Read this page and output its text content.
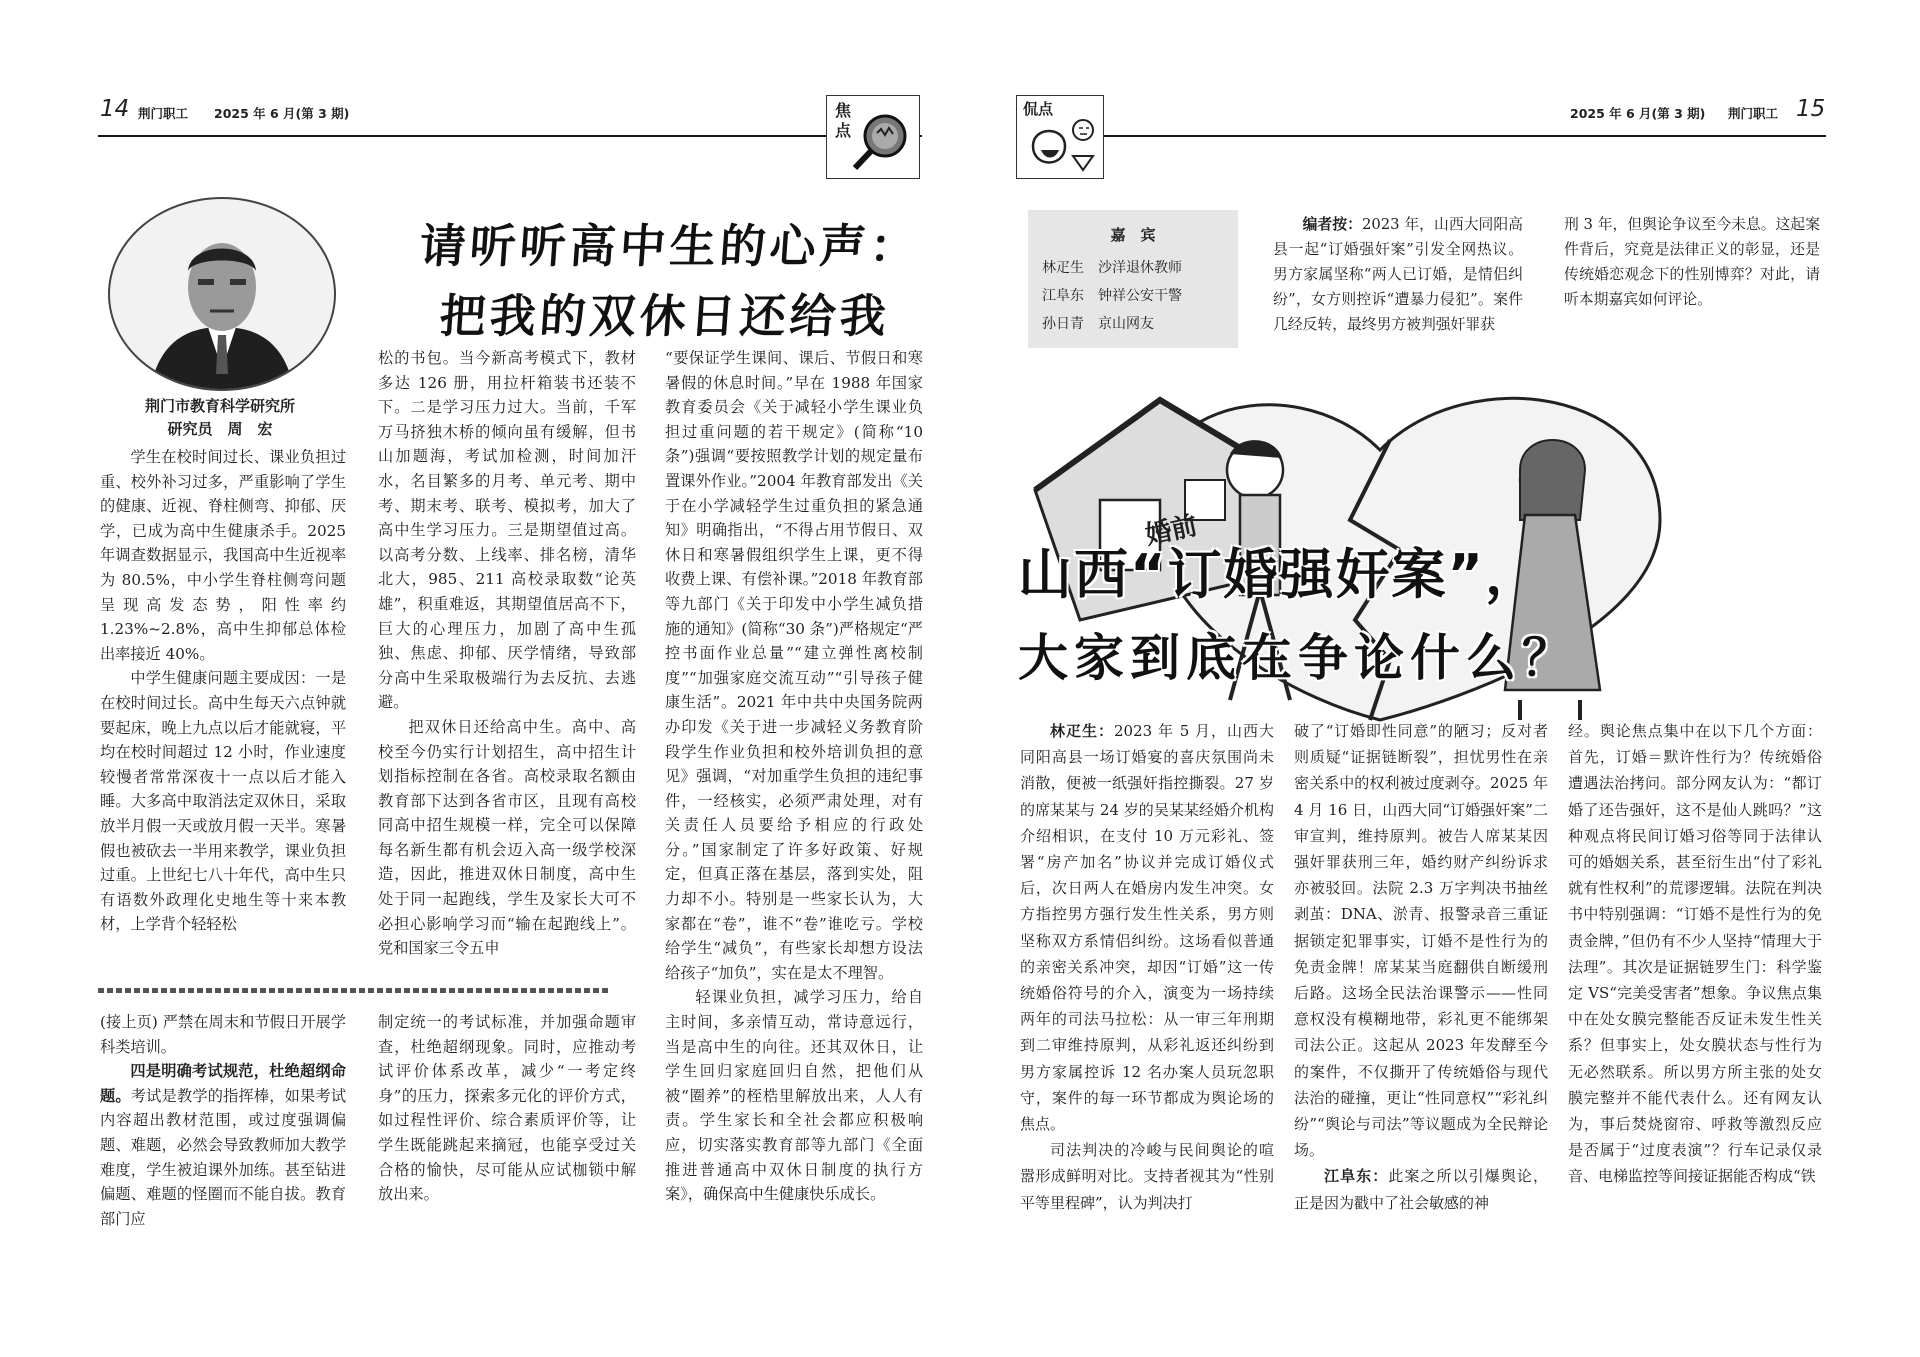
14 荆门职工 2025 年 6 月(第 3 期)	焦
点
荆门市教育科学研究所
研究员　周　宏
请听听高中生的心声：
把我的双休日还给我

学生在校时间过长、课业负担过重、校外补习过多，严重影响了学生的健康、近视、脊柱侧弯、抑郁、厌学，已成为高中生健康杀手。2025 年调查数据显示，我国高中生近视率为 80.5%，中小学生脊柱侧弯问题呈现高发态势，阳性率约 1.23%~2.8%，高中生抑郁总体检出率接近 40%。

中学生健康问题主要成因：一是在校时间过长。高中生每天六点钟就要起床，晚上九点以后才能就寝，平均在校时间超过 12 小时，作业速度较慢者常常深夜十一点以后才能入睡。大多高中取消法定双休日，采取放半月假一天或放月假一天半。寒暑假也被砍去一半用来教学，课业负担过重。上世纪七八十年代，高中生只有语数外政理化史地生等十来本教材，上学背个轻轻松

松的书包。当今新高考模式下，教材多达 126 册，用拉杆箱装书还装不下。二是学习压力过大。当前，千军万马挤独木桥的倾向虽有缓解，但书山加题海，考试加检测，时间加汗水，名目繁多的月考、单元考、期中考、期末考、联考、模拟考，加大了高中生学习压力。三是期望值过高。以高考分数、上线率、排名榜，清华北大，985、211 高校录取数“论英雄”，积重难返，其期望值居高不下，巨大的心理压力，加剧了高中生孤独、焦虑、抑郁、厌学情绪，导致部分高中生采取极端行为去反抗、去逃避。

把双休日还给高中生。高中、高校至今仍实行计划招生，高中招生计划指标控制在各省。高校录取名额由教育部下达到各省市区，且现有高校同高中招生规模一样，完全可以保障每名新生都有机会迈入高一级学校深造，因此，推进双休日制度，高中生处于同一起跑线，学生及家长大可不必担心影响学习而“输在起跑线上”。党和国家三令五申

“要保证学生课间、课后、节假日和寒暑假的休息时间。”早在 1988 年国家教育委员会《关于减轻小学生课业负担过重问题的若干规定》(简称“10 条”)强调“要按照教学计划的规定量布置课外作业。”2004 年教育部发出《关于在小学减轻学生过重负担的紧急通知》明确指出，“不得占用节假日、双休日和寒暑假组织学生上课，更不得收费上课、有偿补课。”2018 年教育部等九部门《关于印发中小学生减负措施的通知》(简称“30 条”)严格规定“严控书面作业总量”“建立弹性离校制度”“加强家庭交流互动”“引导孩子健康生活”。2021 年中共中央国务院两办印发《关于进一步减轻义务教育阶段学生作业负担和校外培训负担的意见》强调，“对加重学生负担的违纪事件，一经核实，必须严肃处理，对有关责任人员要给予相应的行政处分。”国家制定了许多好政策、好规定，但真正落在基层，落到实处，阻力却不小。特别是一些家长认为，大家都在“卷”，谁不“卷”谁吃亏。学校给学生“减负”，有些家长却想方设法给孩子“加负”，实在是太不理智。

轻课业负担，减学习压力，给自主时间，多亲情互动，常诗意远行，当是高中生的向往。还其双休日，让学生回归家庭回归自然，把他们从被“圈养”的桎梏里解放出来，人人有责。学生家长和全社会都应积极响应，切实落实教育部等九部门《全面推进普通高中双休日制度的执行方案》，确保高中生健康快乐成长。

(接上页) 严禁在周末和节假日开展学科类培训。

四是明确考试规范，杜绝超纲命题。考试是教学的指挥棒，如果考试内容超出教材范围，或过度强调偏题、难题，必然会导致教师加大教学难度，学生被迫课外加练。甚至钻进偏题、难题的怪圈而不能自拔。教育部门应

制定统一的考试标准，并加强命题审查，杜绝超纲现象。同时，应推动考试评价体系改革，减少“一考定终身”的压力，探索多元化的评价方式，如过程性评价、综合素质评价等，让学生既能跳起来摘冠，也能享受过关合格的愉快，尽可能从应试枷锁中解放出来。

2025 年 6 月(第 3 期) 荆门职工 15
侃点
嘉　宾
林疋生　 沙洋退休教师
江阜东　 钟祥公安干警
孙日青　 京山网友

编者按：2023 年，山西大同阳高县一起“订婚强奸案”引发全网热议。男方家属坚称“两人已订婚，是情侣纠纷”，女方则控诉“遭暴力侵犯”。案件几经反转，最终男方被判强奸罪获

刑 3 年，但舆论争议至今未息。这起案件背后，究竟是法律正义的彰显，还是传统婚恋观念下的性别博弈？对此，请听本期嘉宾如何评论。

婚前
山西“订婚强奸案”，
大家到底在争论什么？

林疋生：2023 年 5 月，山西大同阳高县一场订婚宴的喜庆氛围尚未消散，便被一纸强奸指控撕裂。27 岁的席某某与 24 岁的吴某某经婚介机构介绍相识，在支付 10 万元彩礼、签署“房产加名”协议并完成订婚仪式后，次日两人在婚房内发生冲突。女方指控男方强行发生性关系，男方则坚称双方系情侣纠纷。这场看似普通的亲密关系冲突，却因“订婚”这一传统婚俗符号的介入，演变为一场持续两年的司法马拉松：从一审三年刑期到二审维持原判，从彩礼返还纠纷到男方家属控诉 12 名办案人员玩忽职守，案件的每一环节都成为舆论场的焦点。

司法判决的冷峻与民间舆论的喧嚣形成鲜明对比。支持者视其为“性别平等里程碑”，认为判决打

破了“订婚即性同意”的陋习；反对者则质疑“证据链断裂”，担忧男性在亲密关系中的权利被过度剥夺。2025 年 4 月 16 日，山西大同“订婚强奸案”二审宣判，维持原判。被告人席某某因强奸罪获刑三年，婚约财产纠纷诉求亦被驳回。法院 2.3 万字判决书抽丝剥茧：DNA、淤青、报警录音三重证据锁定犯罪事实，订婚不是性行为的免责金牌！席某某当庭翻供自断缓刑后路。这场全民法治课警示——性同意权没有模糊地带，彩礼更不能绑架司法公正。这起从 2023 年发酵至今的案件，不仅撕开了传统婚俗与现代法治的碰撞，更让“性同意权”“彩礼纠纷”“舆论与司法”等议题成为全民辩论场。

江阜东：此案之所以引爆舆论，正是因为戳中了社会敏感的神

经。舆论焦点集中在以下几个方面：首先，订婚＝默许性行为？传统婚俗遭遇法治拷问。部分网友认为：“都订婚了还告强奸，这不是仙人跳吗？”这种观点将民间订婚习俗等同于法律认可的婚姻关系，甚至衍生出“付了彩礼就有性权利”的荒谬逻辑。法院在判决书中特别强调：“订婚不是性行为的免责金牌，”但仍有不少人坚持“情理大于法理”。其次是证据链罗生门：科学鉴定 VS“完美受害者”想象。争议焦点集中在处女膜完整能否反证未发生性关系？但事实上，处女膜状态与性行为无必然联系。所以男方所主张的处女膜完整并不能代表什么。还有网友认为，事后焚烧窗帘、呼救等激烈反应是否属于“过度表演”？行车记录仅录音、电梯监控等间接证据能否构成“铁
